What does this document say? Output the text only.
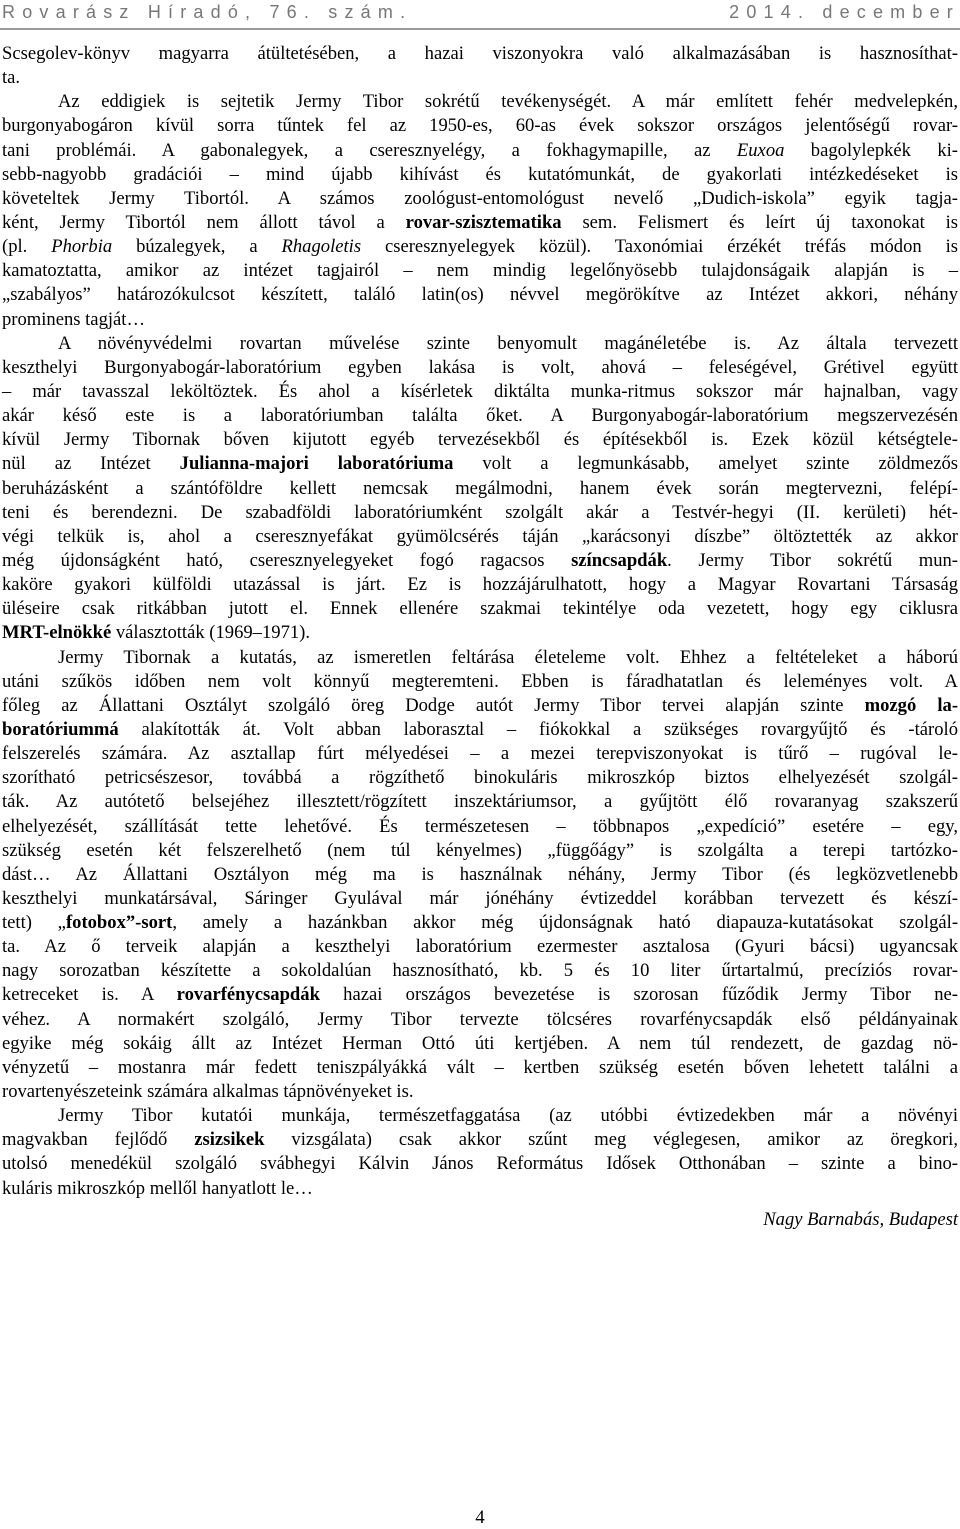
Rovarász Híradó, 76. szám.	2014. december
Scsegolev-könyv magyarra átültetésében, a hazai viszonyokra való alkalmazásában is hasznosíthat-
ta.
Az eddigiek is sejtetik Jermy Tibor sokrétű tevékenységét. A már említett fehér medvelepkén,
burgonyabogáron kívül sorra tűntek fel az 1950-es, 60-as évek sokszor országos jelentőségű rovar-
tani problémái. A gabonalegyek, a cseresznyelégy, a fokhagymapille, az Euxoa bagolylepkék ki-
sebb-nagyobb gradációi – mind újabb kihívást és kutatómunkát, de gyakorlati intézkedéseket is
követeltek Jermy Tibortól. A számos zoológust-entomológust nevelő „Dudich-iskola” egyik tagja-
ként, Jermy Tibortól nem állott távol a rovar-szisztematika sem. Felismert és leírt új taxonokat is
(pl. Phorbia búzalegyek, a Rhagoletis cseresznyelegyek közül). Taxonómiai érzékét tréfás módon is
kamatoztatta, amikor az intézet tagjairól – nem mindig legelőnyösebb tulajdonságaik alapján is –
„szabályos” határozókulcsot készített, találó latin(os) névvel megörökítve az Intézet akkori, néhány
prominens tagját…
A növényvédelmi rovartan művelése szinte benyomult magánéletébe is. Az általa tervezett
keszthelyi Burgonyabogár-laboratórium egyben lakása is volt, ahová – feleségével, Grétivel együtt
– már tavasszal leköltöztek. És ahol a kísérletek diktálta munka-ritmus sokszor már hajnalban, vagy
akár késő este is a laboratóriumban találta őket. A Burgonyabogár-laboratórium megszervezésén
kívül Jermy Tibornak bőven kijutott egyéb tervezésekből és építésekből is. Ezek közül kétségtele-
nül az Intézet Julianna-majori laboratóriuma volt a legmunkásabb, amelyet szinte zöldmezős
beruházásként a szántóföldre kellett nemcsak megálmodni, hanem évek során megtervezni, felépí-
teni és berendezni. De szabadföldi laboratóriumként szolgált akár a Testvér-hegyi (II. kerületi) hét-
végi telkük is, ahol a cseresznyefákat gyümölcsérés táján „karácsonyi díszbe” öltöztették az akkor
még újdonságként ható, cseresznyelegyeket fogó ragacsos színcsapdák. Jermy Tibor sokrétű mun-
kaköre gyakori külföldi utazással is járt. Ez is hozzájárulhatott, hogy a Magyar Rovartani Társaság
üléseire csak ritkábban jutott el. Ennek ellenére szakmai tekintélye oda vezetett, hogy egy ciklusra
MRT-elnökké választották (1969–1971).
Jermy Tibornak a kutatás, az ismeretlen feltárása életeleme volt. Ehhez a feltételeket a háború
utáni szűkös időben nem volt könnyű megteremteni. Ebben is fáradhatatlan és leleményes volt. A
főleg az Állattani Osztályt szolgáló öreg Dodge autót Jermy Tibor tervei alapján szinte mozgó la-
boratóriummá alakították át. Volt abban laborasztal – fiókokkal a szükséges rovargyűjtő és -tároló
felszerelés számára. Az asztallap fúrt mélyedései – a mezei terepviszonyokat is tűrő – rugóval le-
szorítható petricsészesor, továbbá a rögzíthető binokuláris mikroszkóp biztos elhelyezését szolgál-
ták. Az autótető belsejéhez illesztett/rögzített inszektáriumsor, a gyűjtött élő rovaranyag szakszerű
elhelyezését, szállítását tette lehetővé. És természetesen – többnapos „expedíció” esetére – egy,
szükség esetén két felszerelhető (nem túl kényelmes) „függőágy” is szolgálta a terepi tartózko-
dást… Az Állattani Osztályon még ma is használnak néhány, Jermy Tibor (és legközvetlenebb
keszthelyi munkatársával, Sáringer Gyulával már jónéhány évtizeddel korábban tervezett és készí-
tett) „fotobox”-sort, amely a hazánkban akkor még újdonságnak ható diapauza-kutatásokat szolgál-
ta. Az ő terveik alapján a keszthelyi laboratórium ezermester asztalosa (Gyuri bácsi) ugyancsak
nagy sorozatban készítette a sokoldalúan hasznosítható, kb. 5 és 10 liter űrtartalmú, precíziós rovar-
ketreceket is. A rovarfénycsapdák hazai országos bevezetése is szorosan fűződik Jermy Tibor ne-
véhez. A normakért szolgáló, Jermy Tibor tervezte tölcséres rovarfénycsapdák első példányainak
egyike még sokáig állt az Intézet Herman Ottó úti kertjében. A nem túl rendezett, de gazdag nö-
vényzetű – mostanra már fedett teniszpályákká vált – kertben szükség esetén bőven lehetett találni a
rovartenyészeteink számára alkalmas tápnövényeket is.
Jermy Tibor kutatói munkája, természetfaggatása (az utóbbi évtizedekben már a növényi
magvakban fejlődő zsizsikek vizsgálata) csak akkor szűnt meg véglegesen, amikor az öregkori,
utolsó menedékül szolgáló svábhegyi Kálvin János Református Idősek Otthonában – szinte a bino-
kuláris mikroszkóp mellől hanyatlott le…
Nagy Barnabás, Budapest
4
